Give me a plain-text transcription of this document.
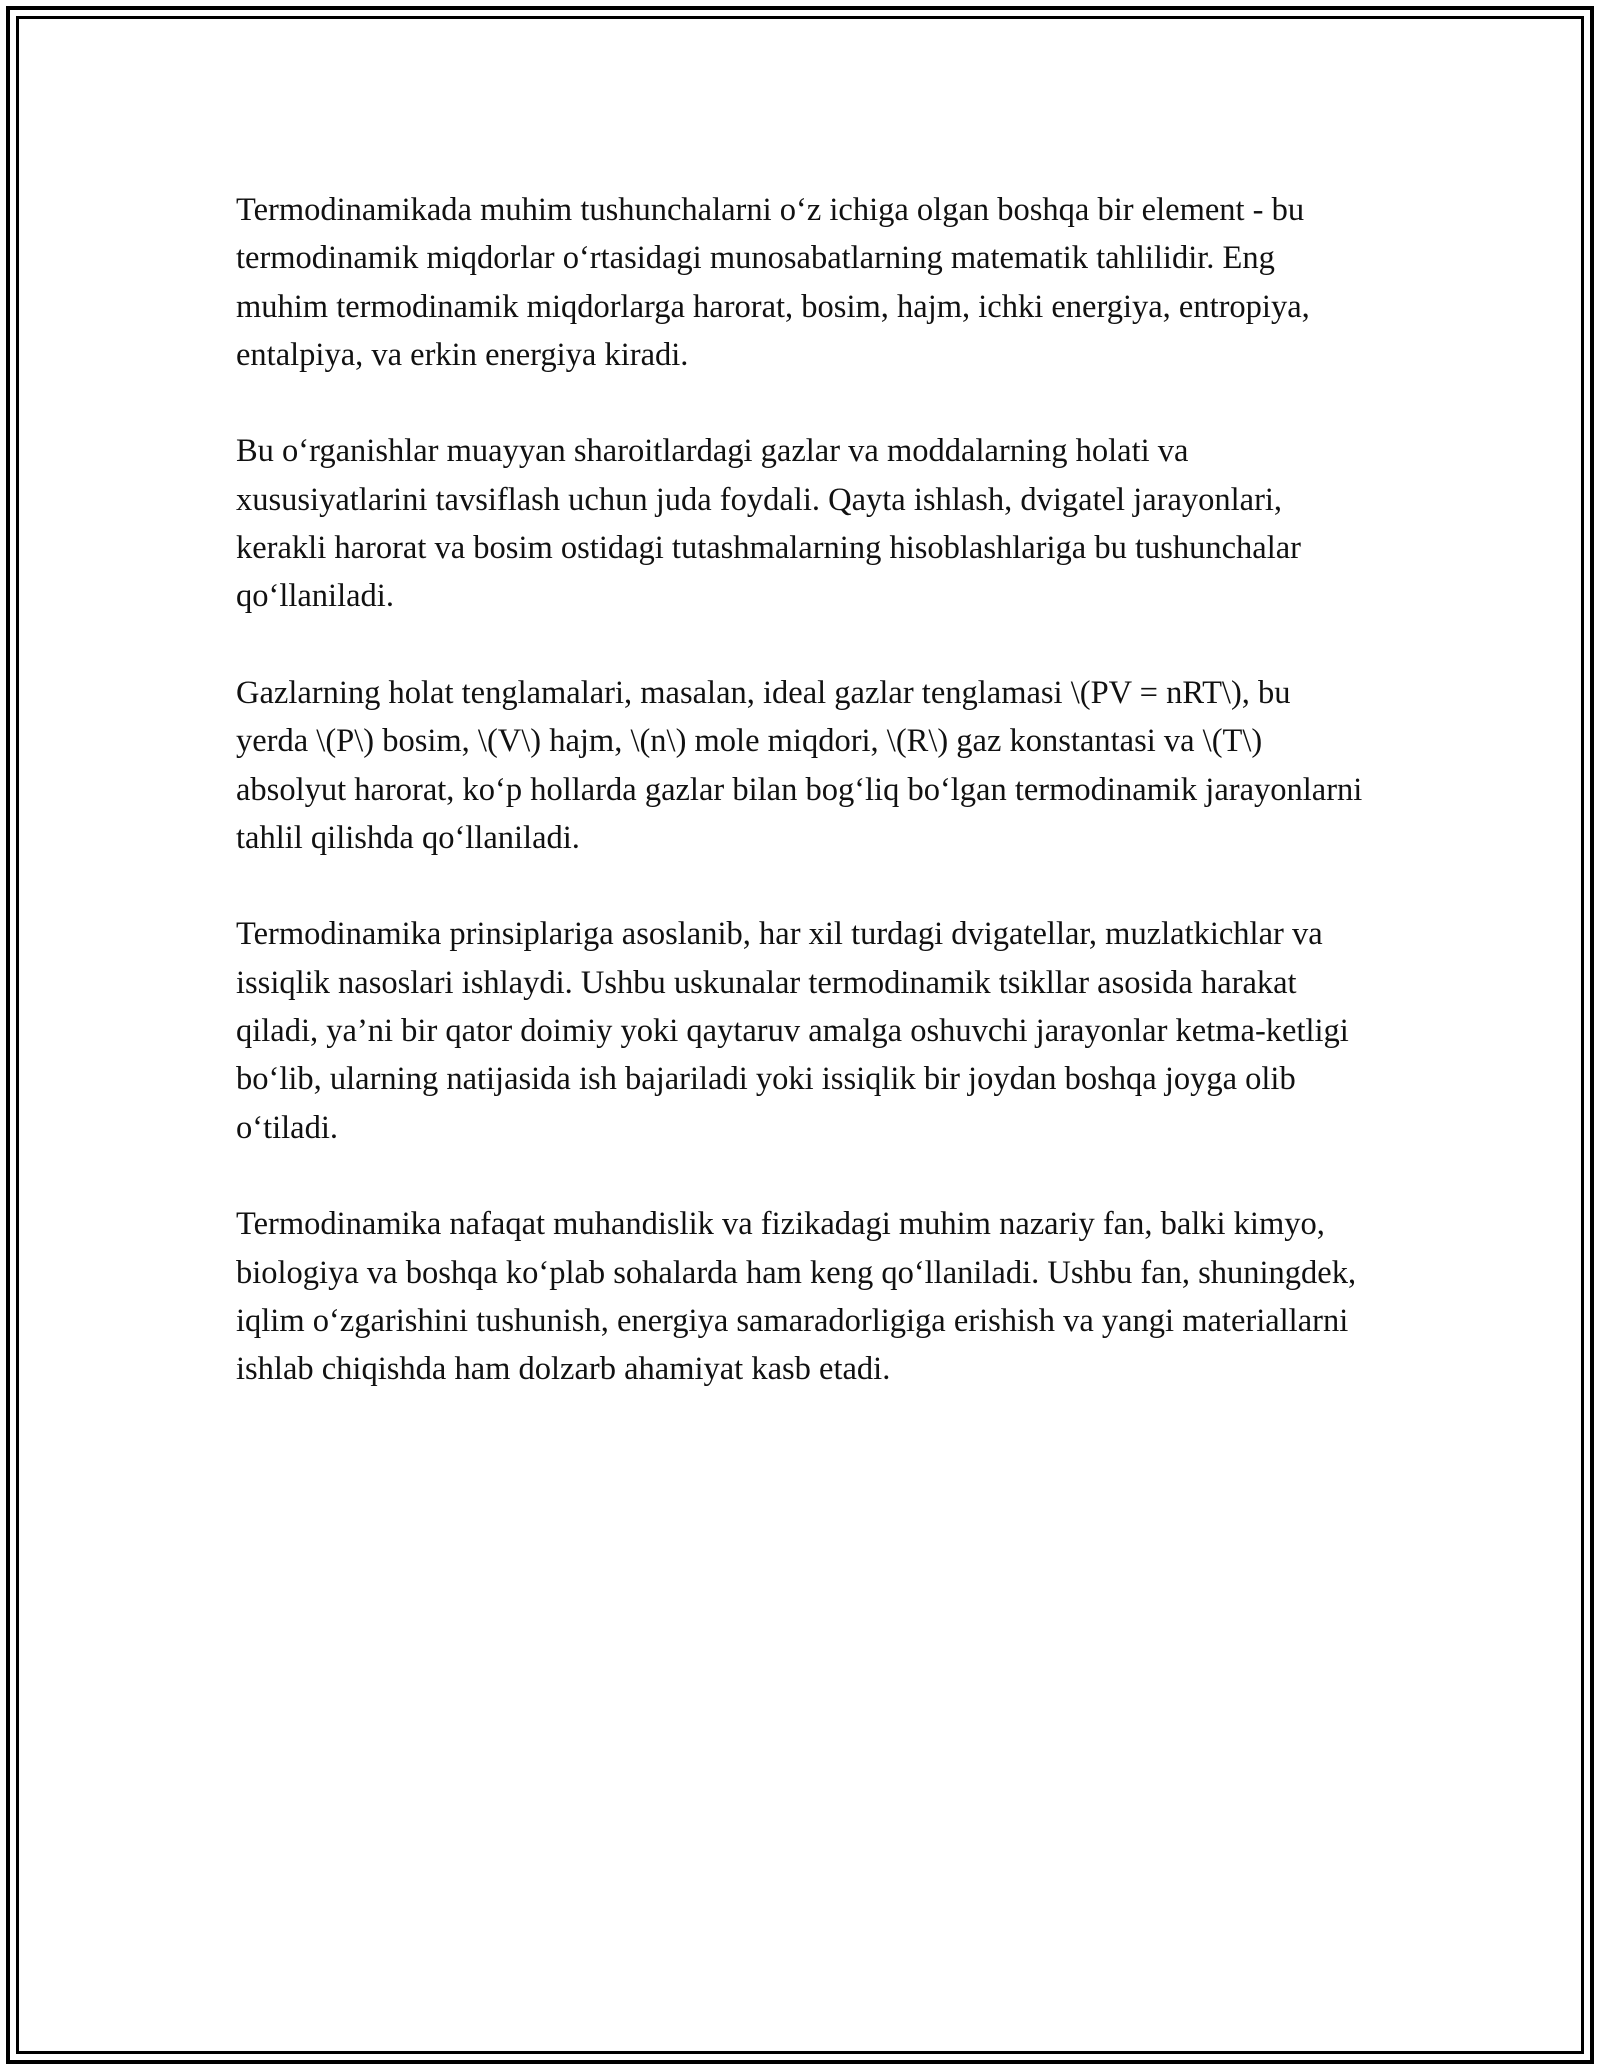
Termodinamikada muhim tushunchalarni o‘z ichiga olgan boshqa bir element - bu termodinamik miqdorlar o‘rtasidagi munosabatlarning matematik tahlilidir. Eng muhim termodinamik miqdorlarga harorat, bosim, hajm, ichki energiya, entropiya, entalpiya, va erkin energiya kiradi.

Bu o‘rganishlar muayyan sharoitlardagi gazlar va moddalarning holati va xususiyatlarini tavsiflash uchun juda foydali. Qayta ishlash, dvigatel jarayonlari, kerakli harorat va bosim ostidagi tutashmalarning hisoblashlariga bu tushunchalar qo‘llaniladi.

Gazlarning holat tenglamalari, masalan, ideal gazlar tenglamasi \(PV = nRT\), bu yerda \(P\) bosim, \(V\) hajm, \(n\) mole miqdori, \(R\) gaz konstantasi va \(T\) absolyut harorat, ko‘p hollarda gazlar bilan bog‘liq bo‘lgan termodinamik jarayonlarni tahlil qilishda qo‘llaniladi.

Termodinamika prinsiplariga asoslanib, har xil turdagi dvigatellar, muzlatkichlar va issiqlik nasoslari ishlaydi. Ushbu uskunalar termodinamik tsikllar asosida harakat qiladi, ya’ni bir qator doimiy yoki qaytaruv amalga oshuvchi jarayonlar ketma-ketligi bo‘lib, ularning natijasida ish bajariladi yoki issiqlik bir joydan boshqa joyga olib o‘tiladi.

Termodinamika nafaqat muhandislik va fizikadagi muhim nazariy fan, balki kimyo, biologiya va boshqa ko‘plab sohalarda ham keng qo‘llaniladi. Ushbu fan, shuningdek, iqlim o‘zgarishini tushunish, energiya samaradorligiga erishish va yangi materiallarni ishlab chiqishda ham dolzarb ahamiyat kasb etadi.
